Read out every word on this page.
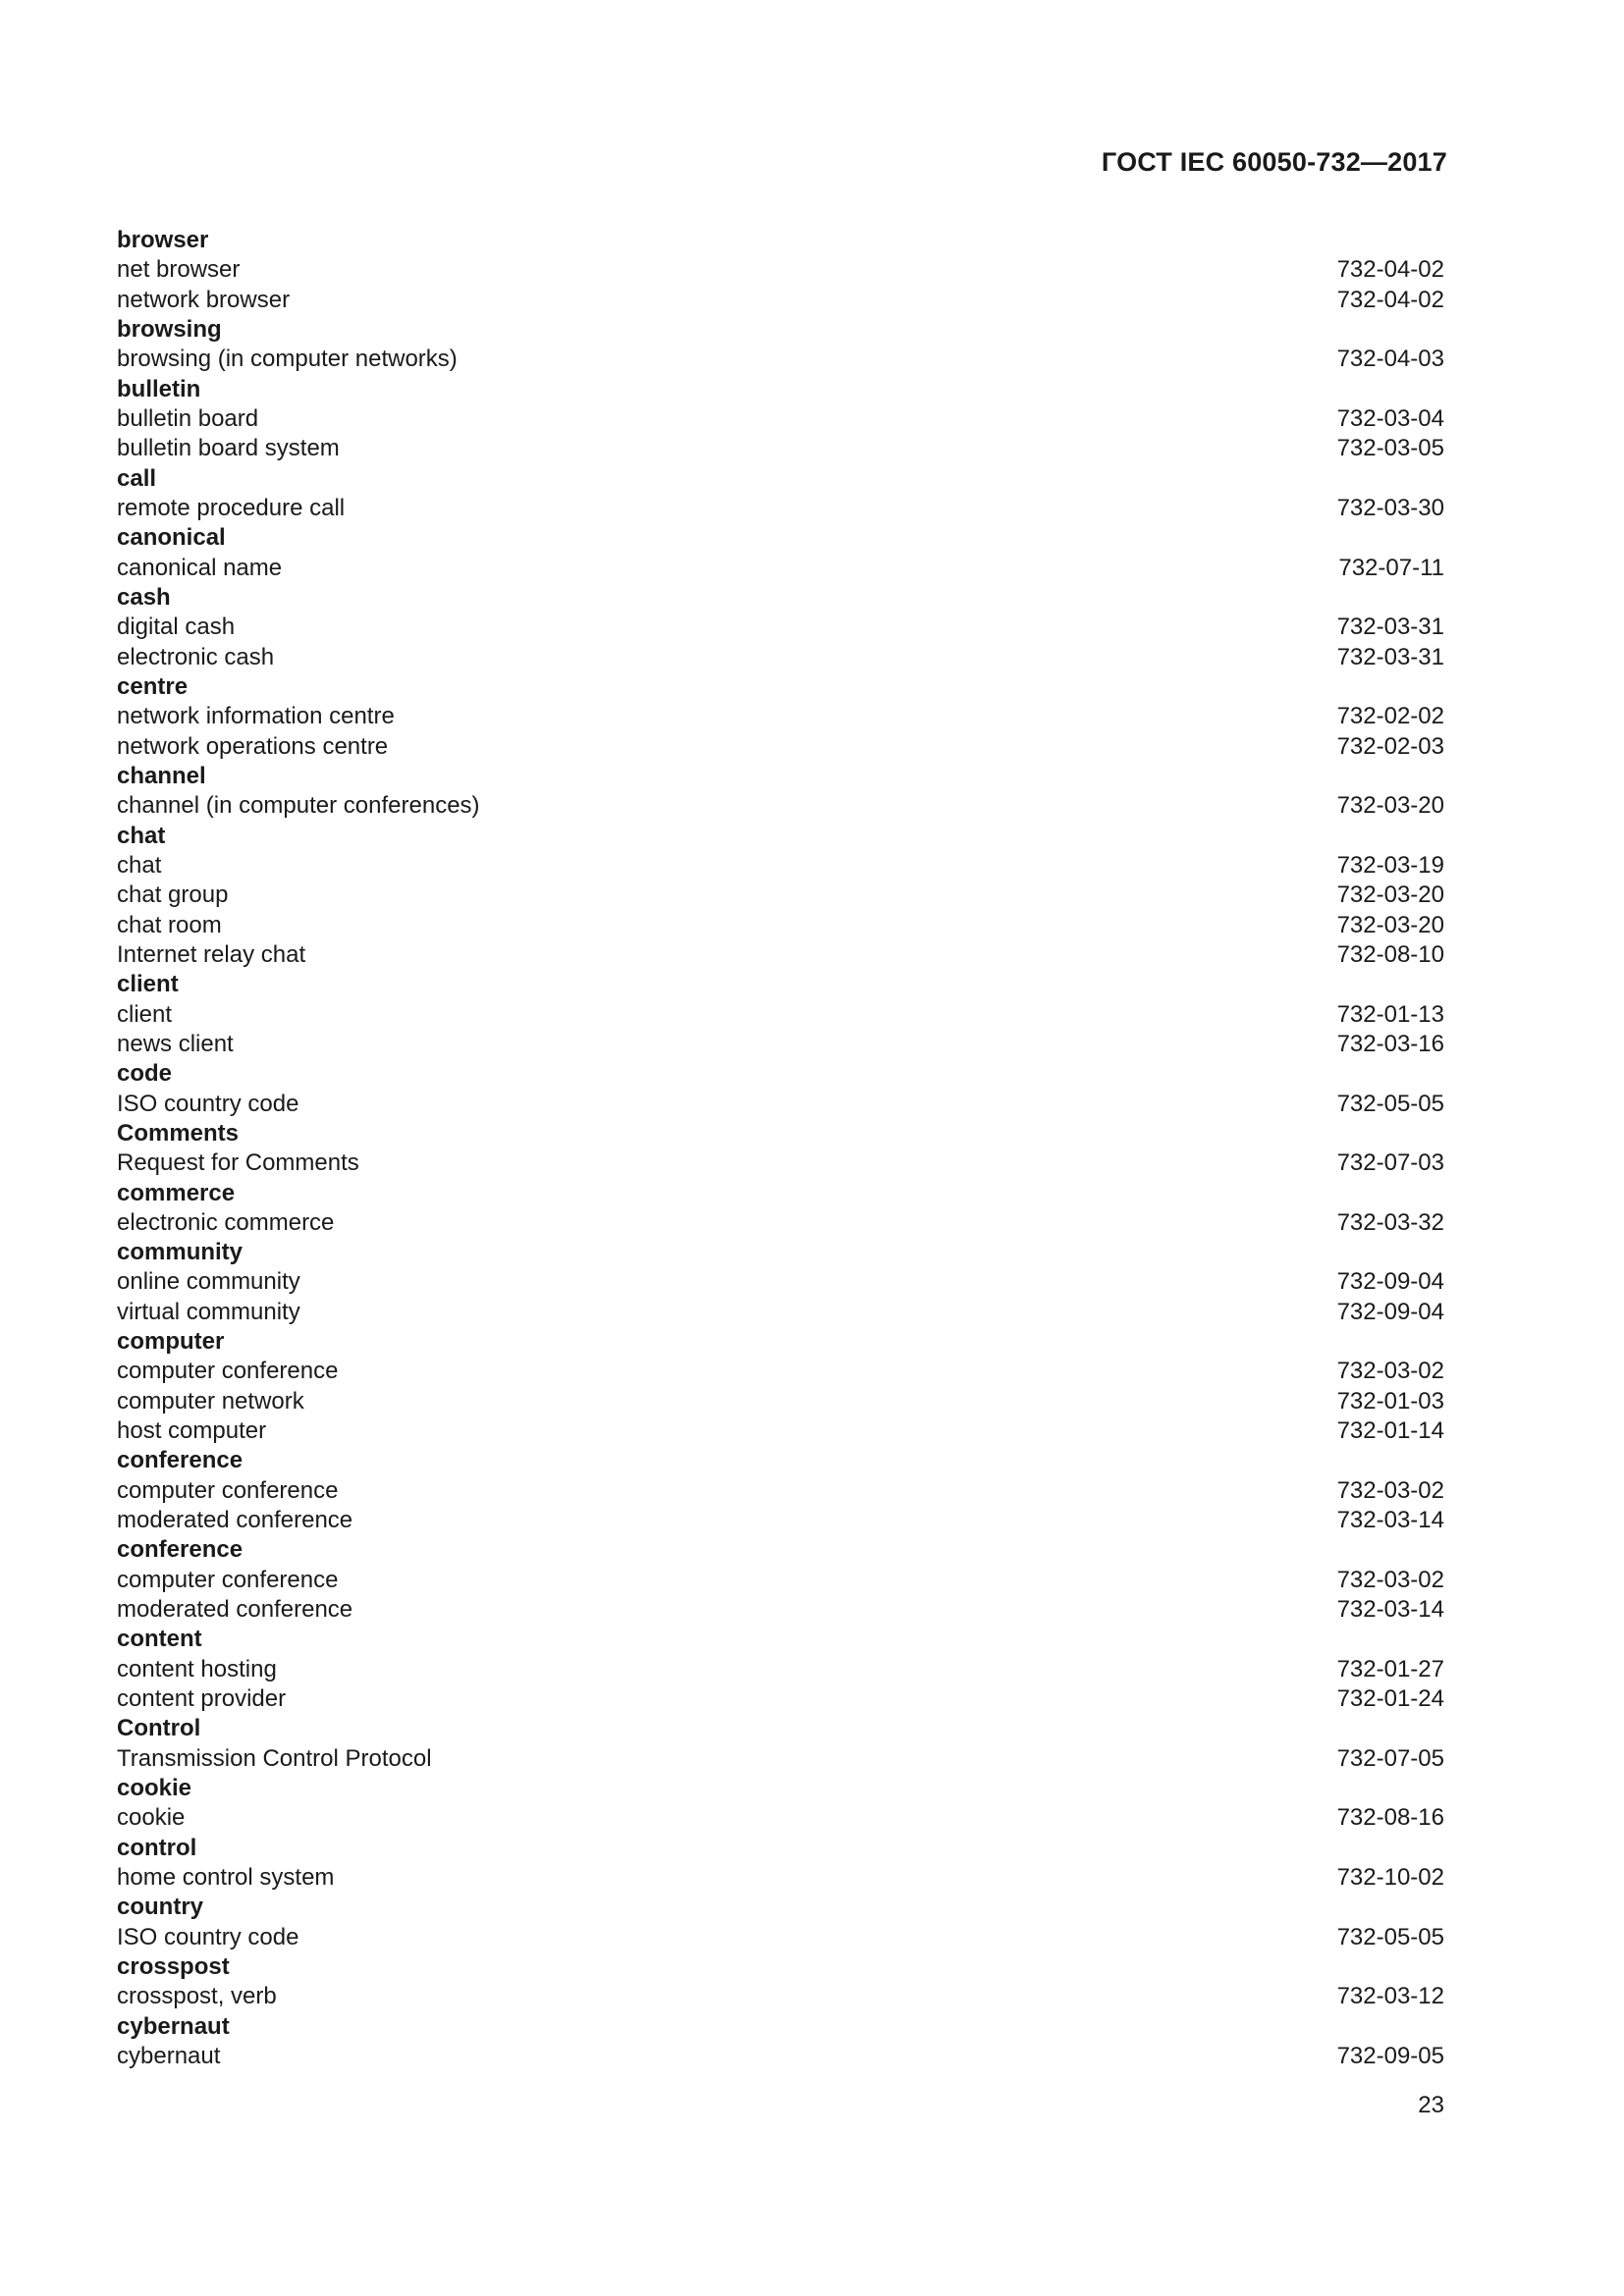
ГОСТ IEC 60050-732—2017
browser
net browser	732-04-02
network browser	732-04-02
browsing
browsing (in computer networks)	732-04-03
bulletin
bulletin board	732-03-04
bulletin board system	732-03-05
call
remote procedure call	732-03-30
canonical
canonical name	732-07-11
cash
digital cash	732-03-31
electronic cash	732-03-31
centre
network information centre	732-02-02
network operations centre	732-02-03
channel
channel (in computer conferences)	732-03-20
chat
chat	732-03-19
chat group	732-03-20
chat room	732-03-20
Internet relay chat	732-08-10
client
client	732-01-13
news client	732-03-16
code
ISO country code	732-05-05
Comments
Request for Comments	732-07-03
commerce
electronic commerce	732-03-32
community
online community	732-09-04
virtual community	732-09-04
computer
computer conference	732-03-02
computer network	732-01-03
host computer	732-01-14
conference
computer conference	732-03-02
moderated conference	732-03-14
conference
computer conference	732-03-02
moderated conference	732-03-14
content
content hosting	732-01-27
content provider	732-01-24
Control
Transmission Control Protocol	732-07-05
cookie
cookie	732-08-16
control
home control system	732-10-02
country
ISO country code	732-05-05
crosspost
crosspost, verb	732-03-12
cybernaut
cybernaut	732-09-05
23
